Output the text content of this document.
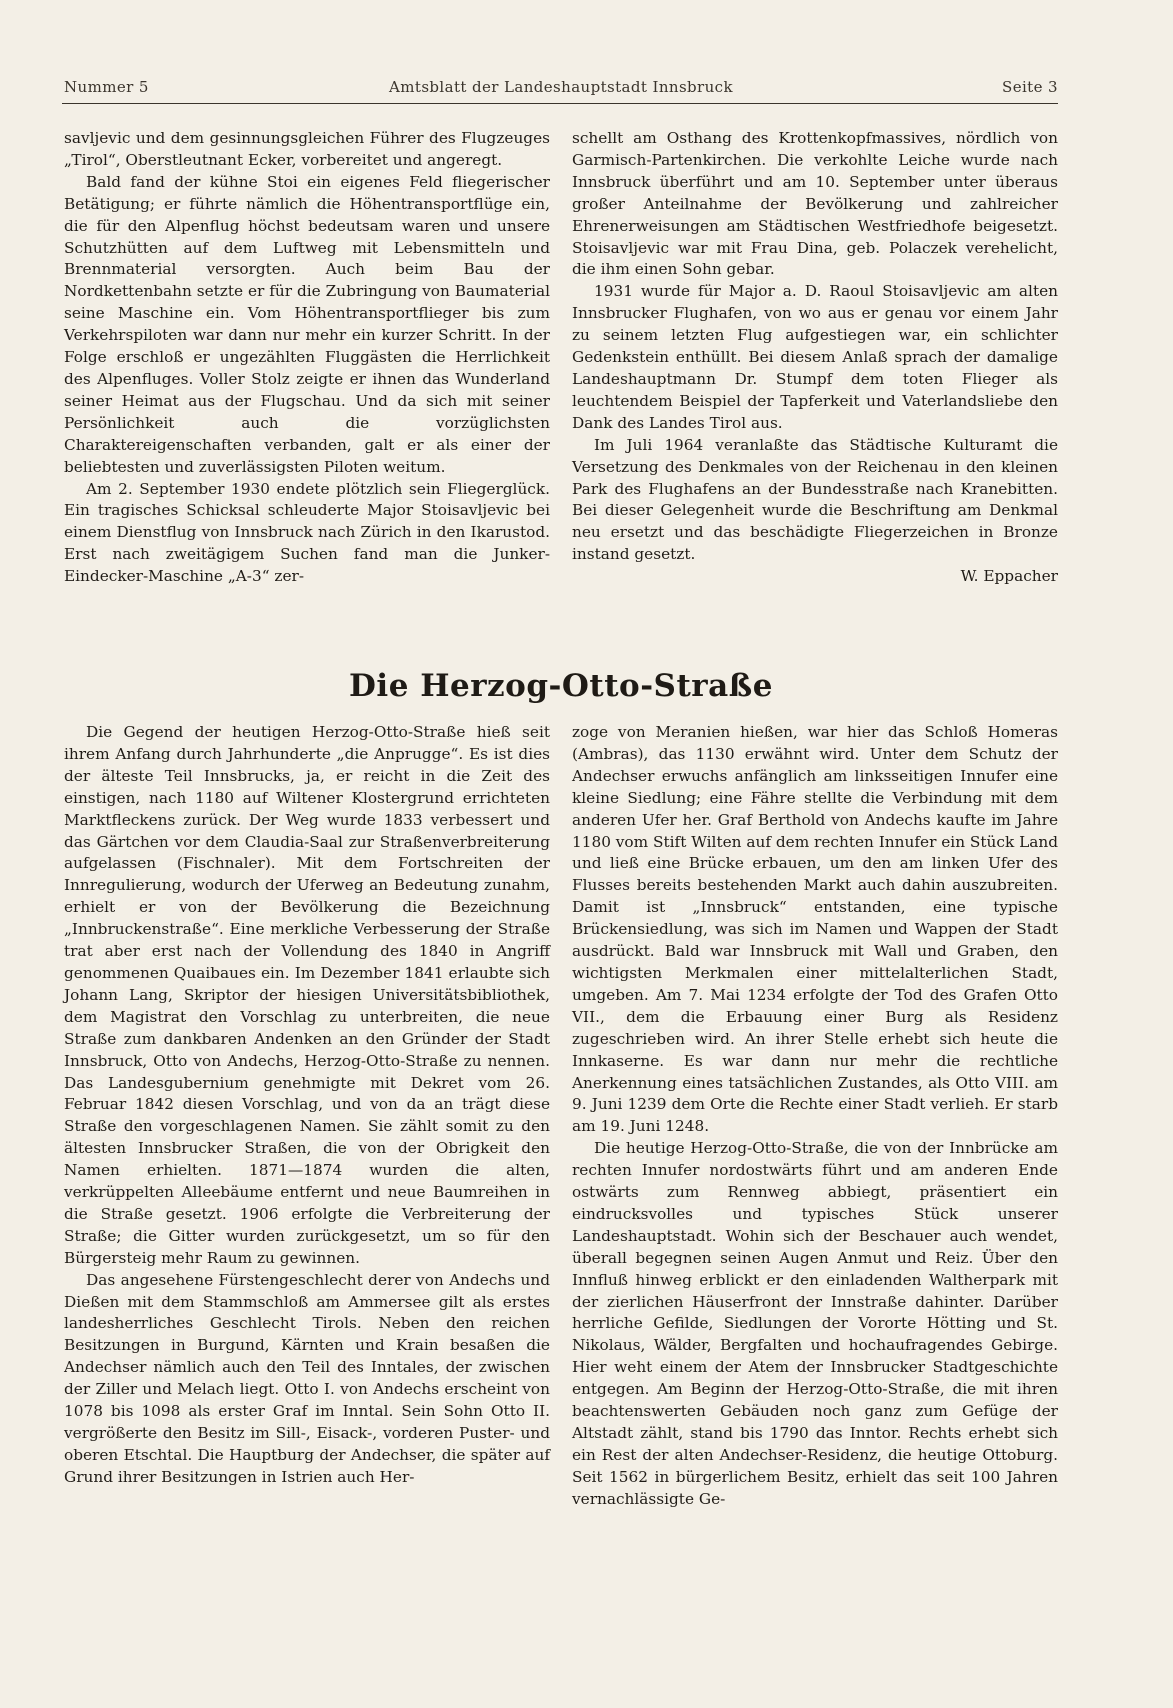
Nummer 5	Amtsblatt der Landeshauptstadt Innsbruck	Seite 3

savljevic und dem gesinnungsgleichen Führer des Flugzeuges „Tirol“, Oberstleutnant Ecker, vorbereitet und angeregt.

Bald fand der kühne Stoi ein eigenes Feld fliegerischer Betätigung; er führte nämlich die Höhentransportflüge ein, die für den Alpenflug höchst bedeutsam waren und unsere Schutzhütten auf dem Luftweg mit Lebensmitteln und Brennmaterial versorgten. Auch beim Bau der Nordkettenbahn setzte er für die Zubringung von Baumaterial seine Maschine ein. Vom Höhentransportflieger bis zum Verkehrspiloten war dann nur mehr ein kurzer Schritt. In der Folge erschloß er ungezählten Fluggästen die Herrlichkeit des Alpenfluges. Voller Stolz zeigte er ihnen das Wunderland seiner Heimat aus der Flugschau. Und da sich mit seiner Persönlichkeit auch die vorzüglichsten Charaktereigenschaften verbanden, galt er als einer der beliebtesten und zuverlässigsten Piloten weitum.

Am 2. September 1930 endete plötzlich sein Fliegerglück. Ein tragisches Schicksal schleuderte Major Stoisavljevic bei einem Dienstflug von Innsbruck nach Zürich in den Ikarustod. Erst nach zweitägigem Suchen fand man die Junker-Eindecker-Maschine „A-3“ zer-

schellt am Osthang des Krottenkopfmassives, nördlich von Garmisch-Partenkirchen. Die verkohlte Leiche wurde nach Innsbruck überführt und am 10. September unter überaus großer Anteilnahme der Bevölkerung und zahlreicher Ehrenerweisungen am Städtischen Westfriedhofe beigesetzt. Stoisavljevic war mit Frau Dina, geb. Polaczek verehelicht, die ihm einen Sohn gebar.

1931 wurde für Major a. D. Raoul Stoisavljevic am alten Innsbrucker Flughafen, von wo aus er genau vor einem Jahr zu seinem letzten Flug aufgestiegen war, ein schlichter Gedenkstein enthüllt. Bei diesem Anlaß sprach der damalige Landeshauptmann Dr. Stumpf dem toten Flieger als leuchtendem Beispiel der Tapferkeit und Vaterlandsliebe den Dank des Landes Tirol aus.

Im Juli 1964 veranlaßte das Städtische Kulturamt die Versetzung des Denkmales von der Reichenau in den kleinen Park des Flughafens an der Bundesstraße nach Kranebitten. Bei dieser Gelegenheit wurde die Beschriftung am Denkmal neu ersetzt und das beschädigte Fliegerzeichen in Bronze instand gesetzt.

W. Eppacher

Die Herzog-Otto-Straße

Die Gegend der heutigen Herzog-Otto-Straße hieß seit ihrem Anfang durch Jahrhunderte „die Anprugge“. Es ist dies der älteste Teil Innsbrucks, ja, er reicht in die Zeit des einstigen, nach 1180 auf Wiltener Klostergrund errichteten Marktfleckens zurück. Der Weg wurde 1833 verbessert und das Gärtchen vor dem Claudia-Saal zur Straßenverbreiterung aufgelassen (Fischnaler). Mit dem Fortschreiten der Innregulierung, wodurch der Uferweg an Bedeutung zunahm, erhielt er von der Bevölkerung die Bezeichnung „Innbruckenstraße“. Eine merkliche Verbesserung der Straße trat aber erst nach der Vollendung des 1840 in Angriff genommenen Quaibaues ein. Im Dezember 1841 erlaubte sich Johann Lang, Skriptor der hiesigen Universitätsbibliothek, dem Magistrat den Vorschlag zu unterbreiten, die neue Straße zum dankbaren Andenken an den Gründer der Stadt Innsbruck, Otto von Andechs, Herzog-Otto-Straße zu nennen. Das Landesgubernium genehmigte mit Dekret vom 26. Februar 1842 diesen Vorschlag, und von da an trägt diese Straße den vorgeschlagenen Namen. Sie zählt somit zu den ältesten Innsbrucker Straßen, die von der Obrigkeit den Namen erhielten. 1871—1874 wurden die alten, verkrüppelten Alleebäume entfernt und neue Baumreihen in die Straße gesetzt. 1906 erfolgte die Verbreiterung der Straße; die Gitter wurden zurückgesetzt, um so für den Bürgersteig mehr Raum zu gewinnen.

Das angesehene Fürstengeschlecht derer von Andechs und Dießen mit dem Stammschloß am Ammersee gilt als erstes landesherrliches Geschlecht Tirols. Neben den reichen Besitzungen in Burgund, Kärnten und Krain besaßen die Andechser nämlich auch den Teil des Inntales, der zwischen der Ziller und Melach liegt. Otto I. von Andechs erscheint von 1078 bis 1098 als erster Graf im Inntal. Sein Sohn Otto II. vergrößerte den Besitz im Sill-, Eisack-, vorderen Puster- und oberen Etschtal. Die Hauptburg der Andechser, die später auf Grund ihrer Besitzungen in Istrien auch Her-

zoge von Meranien hießen, war hier das Schloß Homeras (Ambras), das 1130 erwähnt wird. Unter dem Schutz der Andechser erwuchs anfänglich am linksseitigen Innufer eine kleine Siedlung; eine Fähre stellte die Verbindung mit dem anderen Ufer her. Graf Berthold von Andechs kaufte im Jahre 1180 vom Stift Wilten auf dem rechten Innufer ein Stück Land und ließ eine Brücke erbauen, um den am linken Ufer des Flusses bereits bestehenden Markt auch dahin auszubreiten. Damit ist „Innsbruck“ entstanden, eine typische Brückensiedlung, was sich im Namen und Wappen der Stadt ausdrückt. Bald war Innsbruck mit Wall und Graben, den wichtigsten Merkmalen einer mittelalterlichen Stadt, umgeben. Am 7. Mai 1234 erfolgte der Tod des Grafen Otto VII., dem die Erbauung einer Burg als Residenz zugeschrieben wird. An ihrer Stelle erhebt sich heute die Innkaserne. Es war dann nur mehr die rechtliche Anerkennung eines tatsächlichen Zustandes, als Otto VIII. am 9. Juni 1239 dem Orte die Rechte einer Stadt verlieh. Er starb am 19. Juni 1248.

Die heutige Herzog-Otto-Straße, die von der Innbrücke am rechten Innufer nordostwärts führt und am anderen Ende ostwärts zum Rennweg abbiegt, präsentiert ein eindrucksvolles und typisches Stück unserer Landeshauptstadt. Wohin sich der Beschauer auch wendet, überall begegnen seinen Augen Anmut und Reiz. Über den Innfluß hinweg erblickt er den einladenden Waltherpark mit der zierlichen Häuserfront der Innstraße dahinter. Darüber herrliche Gefilde, Siedlungen der Vororte Hötting und St. Nikolaus, Wälder, Bergfalten und hochaufragendes Gebirge. Hier weht einem der Atem der Innsbrucker Stadtgeschichte entgegen. Am Beginn der Herzog-Otto-Straße, die mit ihren beachtenswerten Gebäuden noch ganz zum Gefüge der Altstadt zählt, stand bis 1790 das Inntor. Rechts erhebt sich ein Rest der alten Andechser-Residenz, die heutige Ottoburg. Seit 1562 in bürgerlichem Besitz, erhielt das seit 100 Jahren vernachlässigte Ge-
